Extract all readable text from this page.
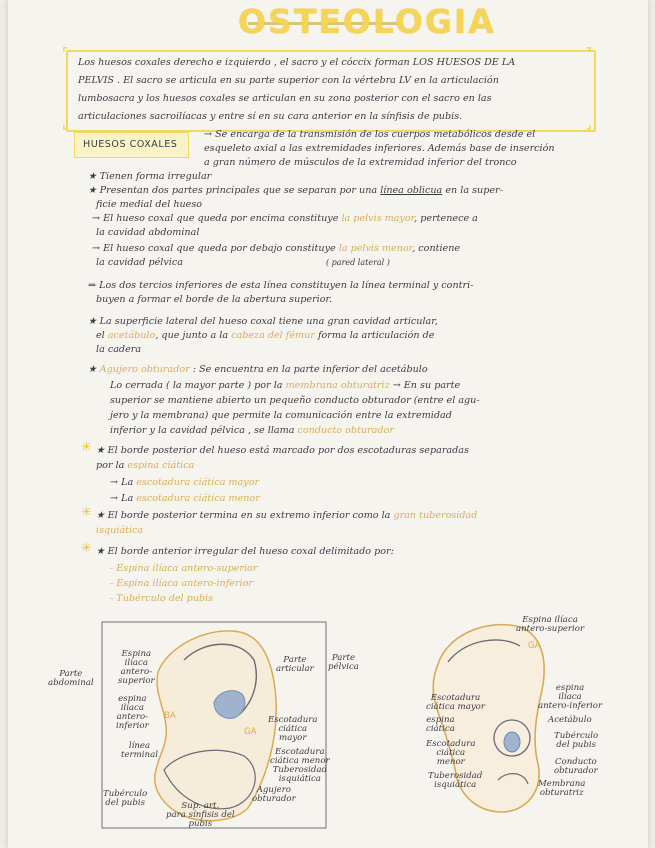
OSTEOLOGIA

⌜	⌝
⌞	⌟

Los huesos coxales derecho e izquierdo , el sacro y el cóccix forman LOS HUESOS DE LA

PELVIS . El sacro se articula en su parte superior con la vértebra LV en la articulación

lumbosacra y los huesos coxales se articulan en su zona posterior con el sacro en las

articulaciones sacroilíacas y entre sí en su cara anterior en la sínfisis de pubis.

HUESOS COXALES

→ Se encarga de la transmisión de los cuerpos metabólicos desde el

esqueleto axial a las extremidades inferiores. Además base de inserción

a gran número de músculos de la extremidad inferior del tronco

★ Tienen forma irregular

★ Presentan dos partes principales que se separan por una línea oblicua en la super-

ficie medial del hueso

→ El hueso coxal que queda por encima constituye la pelvis mayor, pertenece a

la cavidad abdominal

→ El hueso coxal que queda por debajo constituye la pelvis menor, contiene

la cavidad pélvica	( pared lateral )

⇒ Los dos tercios inferiores de esta línea constituyen la línea terminal y contri-

buyen a formar el borde de la abertura superior.

★ La superficie lateral del hueso coxal tiene una gran cavidad articular,

el acetábulo, que junto a la cabeza del fémur forma la articulación de

la cadera

★ Agujero obturador : Se encuentra en la parte inferior del acetábulo

Lo cerrada ( la mayor parte ) por la membrana obturatriz → En su parte

superior se mantiene abierto un pequeño conducto obturador (entre el agu-

jero y la membrana) que permite la comunicación entre la extremidad

inferior y la cavidad pélvica , se llama conducto obturador

✳ ★ El borde posterior del hueso está marcado por dos escotaduras separadas

por la espina ciática

→ La escotadura ciática mayor

→ La escotadura ciática menor

✳ ★ El borde posterior termina en su extremo inferior como la gran tuberosidad

isquiática

✳ ★ El borde anterior irregular del hueso coxal delimitado por:

- Espina ilíaca antero-superior

- Espina ilíaca antero-inferior

- Tubérculo del pubis

Parte
abdominal

Espina
ilíaca
antero-
superior

espina
ilíaca
antero-
inferior

BA

línea
terminal

Tubérculo
del pubis	Sup. art.
para sínfisis del
pubis

Agujero
obturador

Escotadura
ciática menor
Tuberosidad
isquiática

Escotadura
ciática
mayor

GA

Parte
articular

Parte
pélvica

Espina ilíaca
antero-superior

GA

espina
ilíaca
antero-inferior

Acetábulo

Tubérculo
del pubis

Conducto
obturador

Membrana
obturatriz

Escotadura
ciática mayor

espina
ciática

Escotadura
ciática
menor

Tuberosidad
isquiática
